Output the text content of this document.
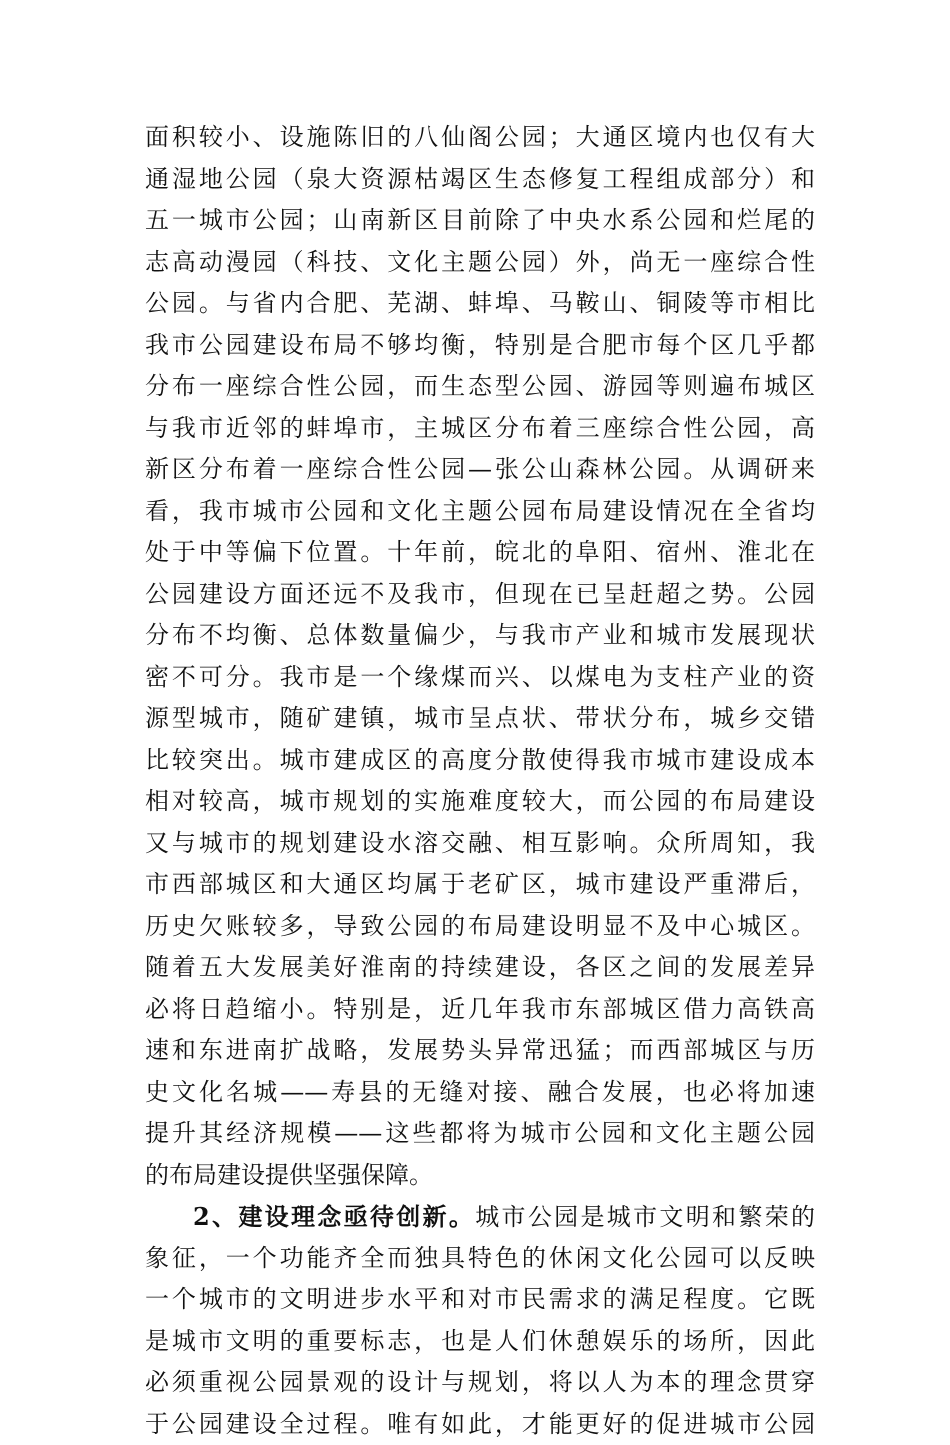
面积较小、设施陈旧的八仙阁公园；大通区境内也仅有大
通湿地公园（泉大资源枯竭区生态修复工程组成部分）和
五一城市公园；山南新区目前除了中央水系公园和烂尾的
志高动漫园（科技、文化主题公园）外，尚无一座综合性
公园。与省内合肥、芜湖、蚌埠、马鞍山、铜陵等市相比
我市公园建设布局不够均衡，特别是合肥市每个区几乎都
分布一座综合性公园，而生态型公园、游园等则遍布城区
与我市近邻的蚌埠市，主城区分布着三座综合性公园，高
新区分布着一座综合性公园—张公山森林公园。从调研来
看，我市城市公园和文化主题公园布局建设情况在全省均
处于中等偏下位置。十年前，皖北的阜阳、宿州、淮北在
公园建设方面还远不及我市，但现在已呈赶超之势。公园
分布不均衡、总体数量偏少，与我市产业和城市发展现状
密不可分。我市是一个缘煤而兴、以煤电为支柱产业的资
源型城市，随矿建镇，城市呈点状、带状分布，城乡交错
比较突出。城市建成区的高度分散使得我市城市建设成本
相对较高，城市规划的实施难度较大，而公园的布局建设
又与城市的规划建设水溶交融、相互影响。众所周知，我
市西部城区和大通区均属于老矿区，城市建设严重滞后，
历史欠账较多，导致公园的布局建设明显不及中心城区。
随着五大发展美好淮南的持续建设，各区之间的发展差异
必将日趋缩小。特别是，近几年我市东部城区借力高铁高
速和东进南扩战略，发展势头异常迅猛；而西部城区与历
史文化名城——寿县的无缝对接、融合发展，也必将加速
提升其经济规模——这些都将为城市公园和文化主题公园
的布局建设提供坚强保障。
2、建设理念亟待创新。城市公园是城市文明和繁荣的
象征，一个功能齐全而独具特色的休闲文化公园可以反映
一个城市的文明进步水平和对市民需求的满足程度。它既
是城市文明的重要标志，也是人们休憩娱乐的场所，因此
必须重视公园景观的设计与规划，将以人为本的理念贯穿
于公园建设全过程。唯有如此，才能更好的促进城市公园
